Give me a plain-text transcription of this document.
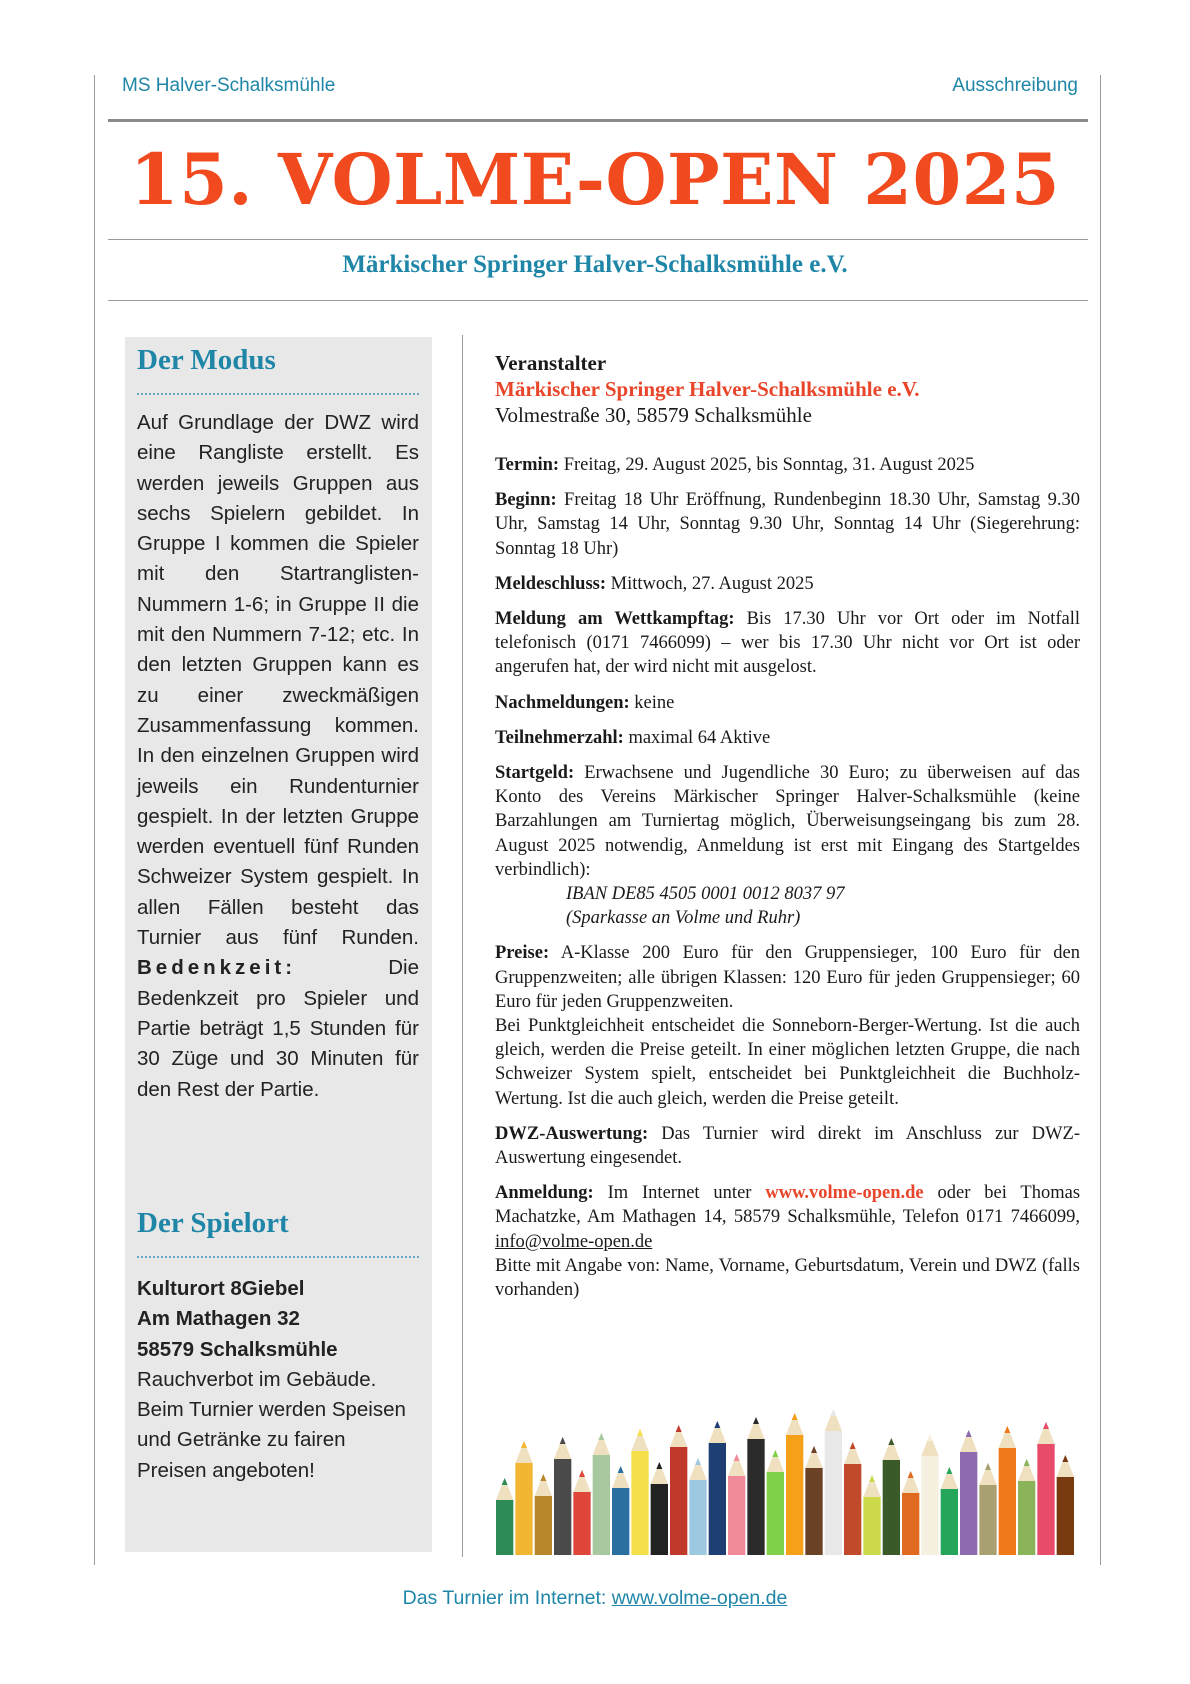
MS Halver-Schalksmühle	Ausschreibung
15. VOLME-OPEN 2025
Märkischer Springer Halver-Schalksmühle e.V.
Der Modus
Auf Grundlage der DWZ wird eine Rangliste erstellt. Es werden jeweils Gruppen aus sechs Spielern gebildet. In Gruppe I kommen die Spieler mit den Startranglisten-Nummern 1-6; in Gruppe II die mit den Nummern 7-12; etc. In den letzten Gruppen kann es zu einer zweckmäßigen Zusammenfassung kommen. In den einzelnen Gruppen wird jeweils ein Rundenturnier gespielt. In der letzten Gruppe werden eventuell fünf Runden Schweizer System gespielt. In allen Fällen besteht das Turnier aus fünf Runden. Bedenkzeit:	Die Bedenkzeit pro Spieler und Partie beträgt 1,5 Stunden für 30 Züge und 30 Minuten für den Rest der Partie.
Der Spielort
Kulturort 8Giebel
Am Mathagen 32
58579 Schalksmühle
Rauchverbot im Gebäude. Beim Turnier werden Speisen und Getränke zu fairen Preisen angeboten!
Veranstalter
Märkischer Springer Halver-Schalksmühle e.V.
Volmestraße 30, 58579 Schalksmühle
Termin: Freitag, 29. August 2025, bis Sonntag, 31. August 2025
Beginn: Freitag 18 Uhr Eröffnung, Rundenbeginn 18.30 Uhr, Samstag 9.30 Uhr, Samstag 14 Uhr, Sonntag 9.30 Uhr, Sonntag 14 Uhr (Siegerehrung: Sonntag 18 Uhr)
Meldeschluss: Mittwoch, 27. August 2025
Meldung am Wettkampftag: Bis 17.30 Uhr vor Ort oder im Notfall telefonisch (0171 7466099) – wer bis 17.30 Uhr nicht vor Ort ist oder angerufen hat, der wird nicht mit ausgelost.
Nachmeldungen: keine
Teilnehmerzahl: maximal 64 Aktive
Startgeld: Erwachsene und Jugendliche 30 Euro; zu überweisen auf das Konto des Vereins Märkischer Springer Halver-Schalksmühle (keine Barzahlungen am Turniertag möglich, Überweisungseingang bis zum 28. August 2025 notwendig, Anmeldung ist erst mit Eingang des Startgeldes verbindlich):
IBAN DE85 4505 0001 0012 8037 97
(Sparkasse an Volme und Ruhr)
Preise: A-Klasse 200 Euro für den Gruppensieger, 100 Euro für den Gruppenzweiten; alle übrigen Klassen: 120 Euro für jeden Gruppensieger; 60 Euro für jeden Gruppenzweiten.
Bei Punktgleichheit entscheidet die Sonneborn-Berger-Wertung. Ist die auch gleich, werden die Preise geteilt. In einer möglichen letzten Gruppe, die nach Schweizer System spielt, entscheidet bei Punktgleichheit die Buchholz-Wertung. Ist die auch gleich, werden die Preise geteilt.
DWZ-Auswertung: Das Turnier wird direkt im Anschluss zur DWZ-Auswertung eingesendet.
Anmeldung: Im Internet unter www.volme-open.de oder bei Thomas Machatzke, Am Mathagen 14, 58579 Schalksmühle, Telefon 0171 7466099, info@volme-open.de
Bitte mit Angabe von: Name, Vorname, Geburtsdatum, Verein und DWZ (falls vorhanden)
Das Turnier im Internet: www.volme-open.de
